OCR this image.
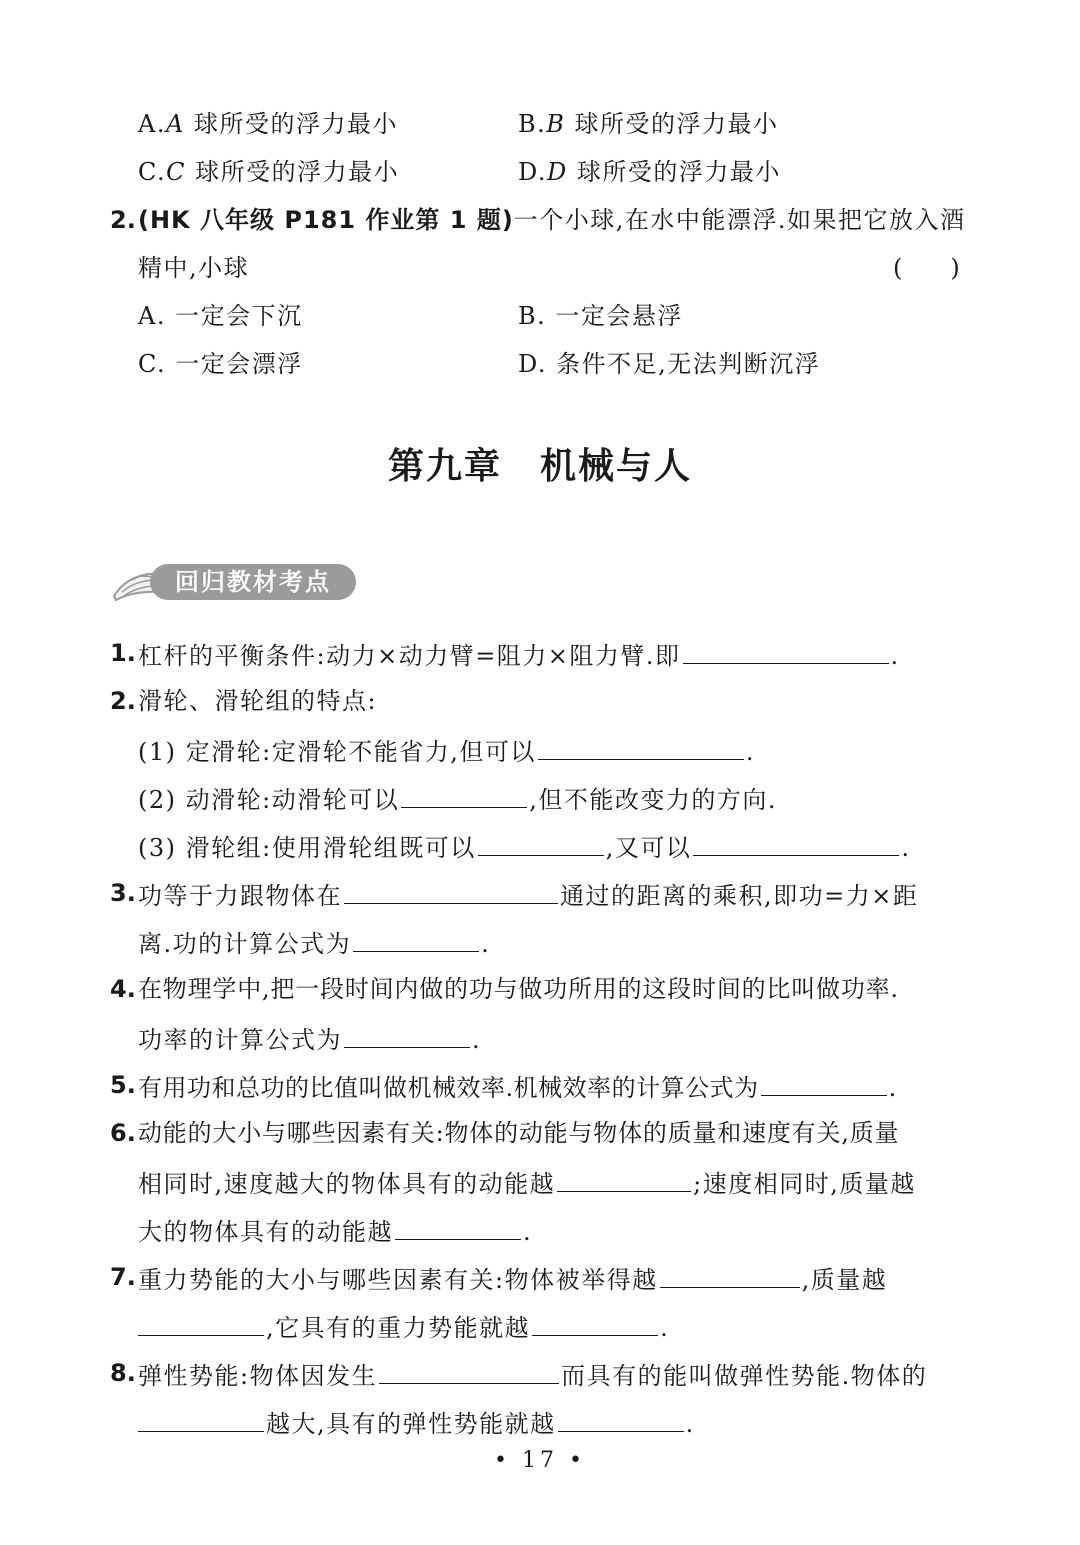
A.A 球所受的浮力最小	B.B 球所受的浮力最小
C.C 球所受的浮力最小	D.D 球所受的浮力最小
2. (HK 八年级 P181 作业第 1 题)一个小球,在水中能漂浮.如果把它放入酒
精中,小球	(　　)
A. 一定会下沉	B. 一定会悬浮
C. 一定会漂浮	D. 条件不足,无法判断沉浮
第九章　机械与人
回归教材考点
1. 杠杆的平衡条件:动力×动力臂=阻力×阻力臂.即	.
2. 滑轮、滑轮组的特点:
(1) 定滑轮:定滑轮不能省力,但可以	.
(2) 动滑轮:动滑轮可以	,但不能改变力的方向.
(3) 滑轮组:使用滑轮组既可以	,又可以	.
3. 功等于力跟物体在	通过的距离的乘积,即功=力×距
离.功的计算公式为	.
4. 在物理学中,把一段时间内做的功与做功所用的这段时间的比叫做功率.
功率的计算公式为	.
5. 有用功和总功的比值叫做机械效率.机械效率的计算公式为	.
6. 动能的大小与哪些因素有关:物体的动能与物体的质量和速度有关,质量
相同时,速度越大的物体具有的动能越	;速度相同时,质量越
大的物体具有的动能越	.
7. 重力势能的大小与哪些因素有关:物体被举得越	,质量越
,它具有的重力势能就越	.
8. 弹性势能:物体因发生	而具有的能叫做弹性势能.物体的
越大,具有的弹性势能就越	.
• 17 •
